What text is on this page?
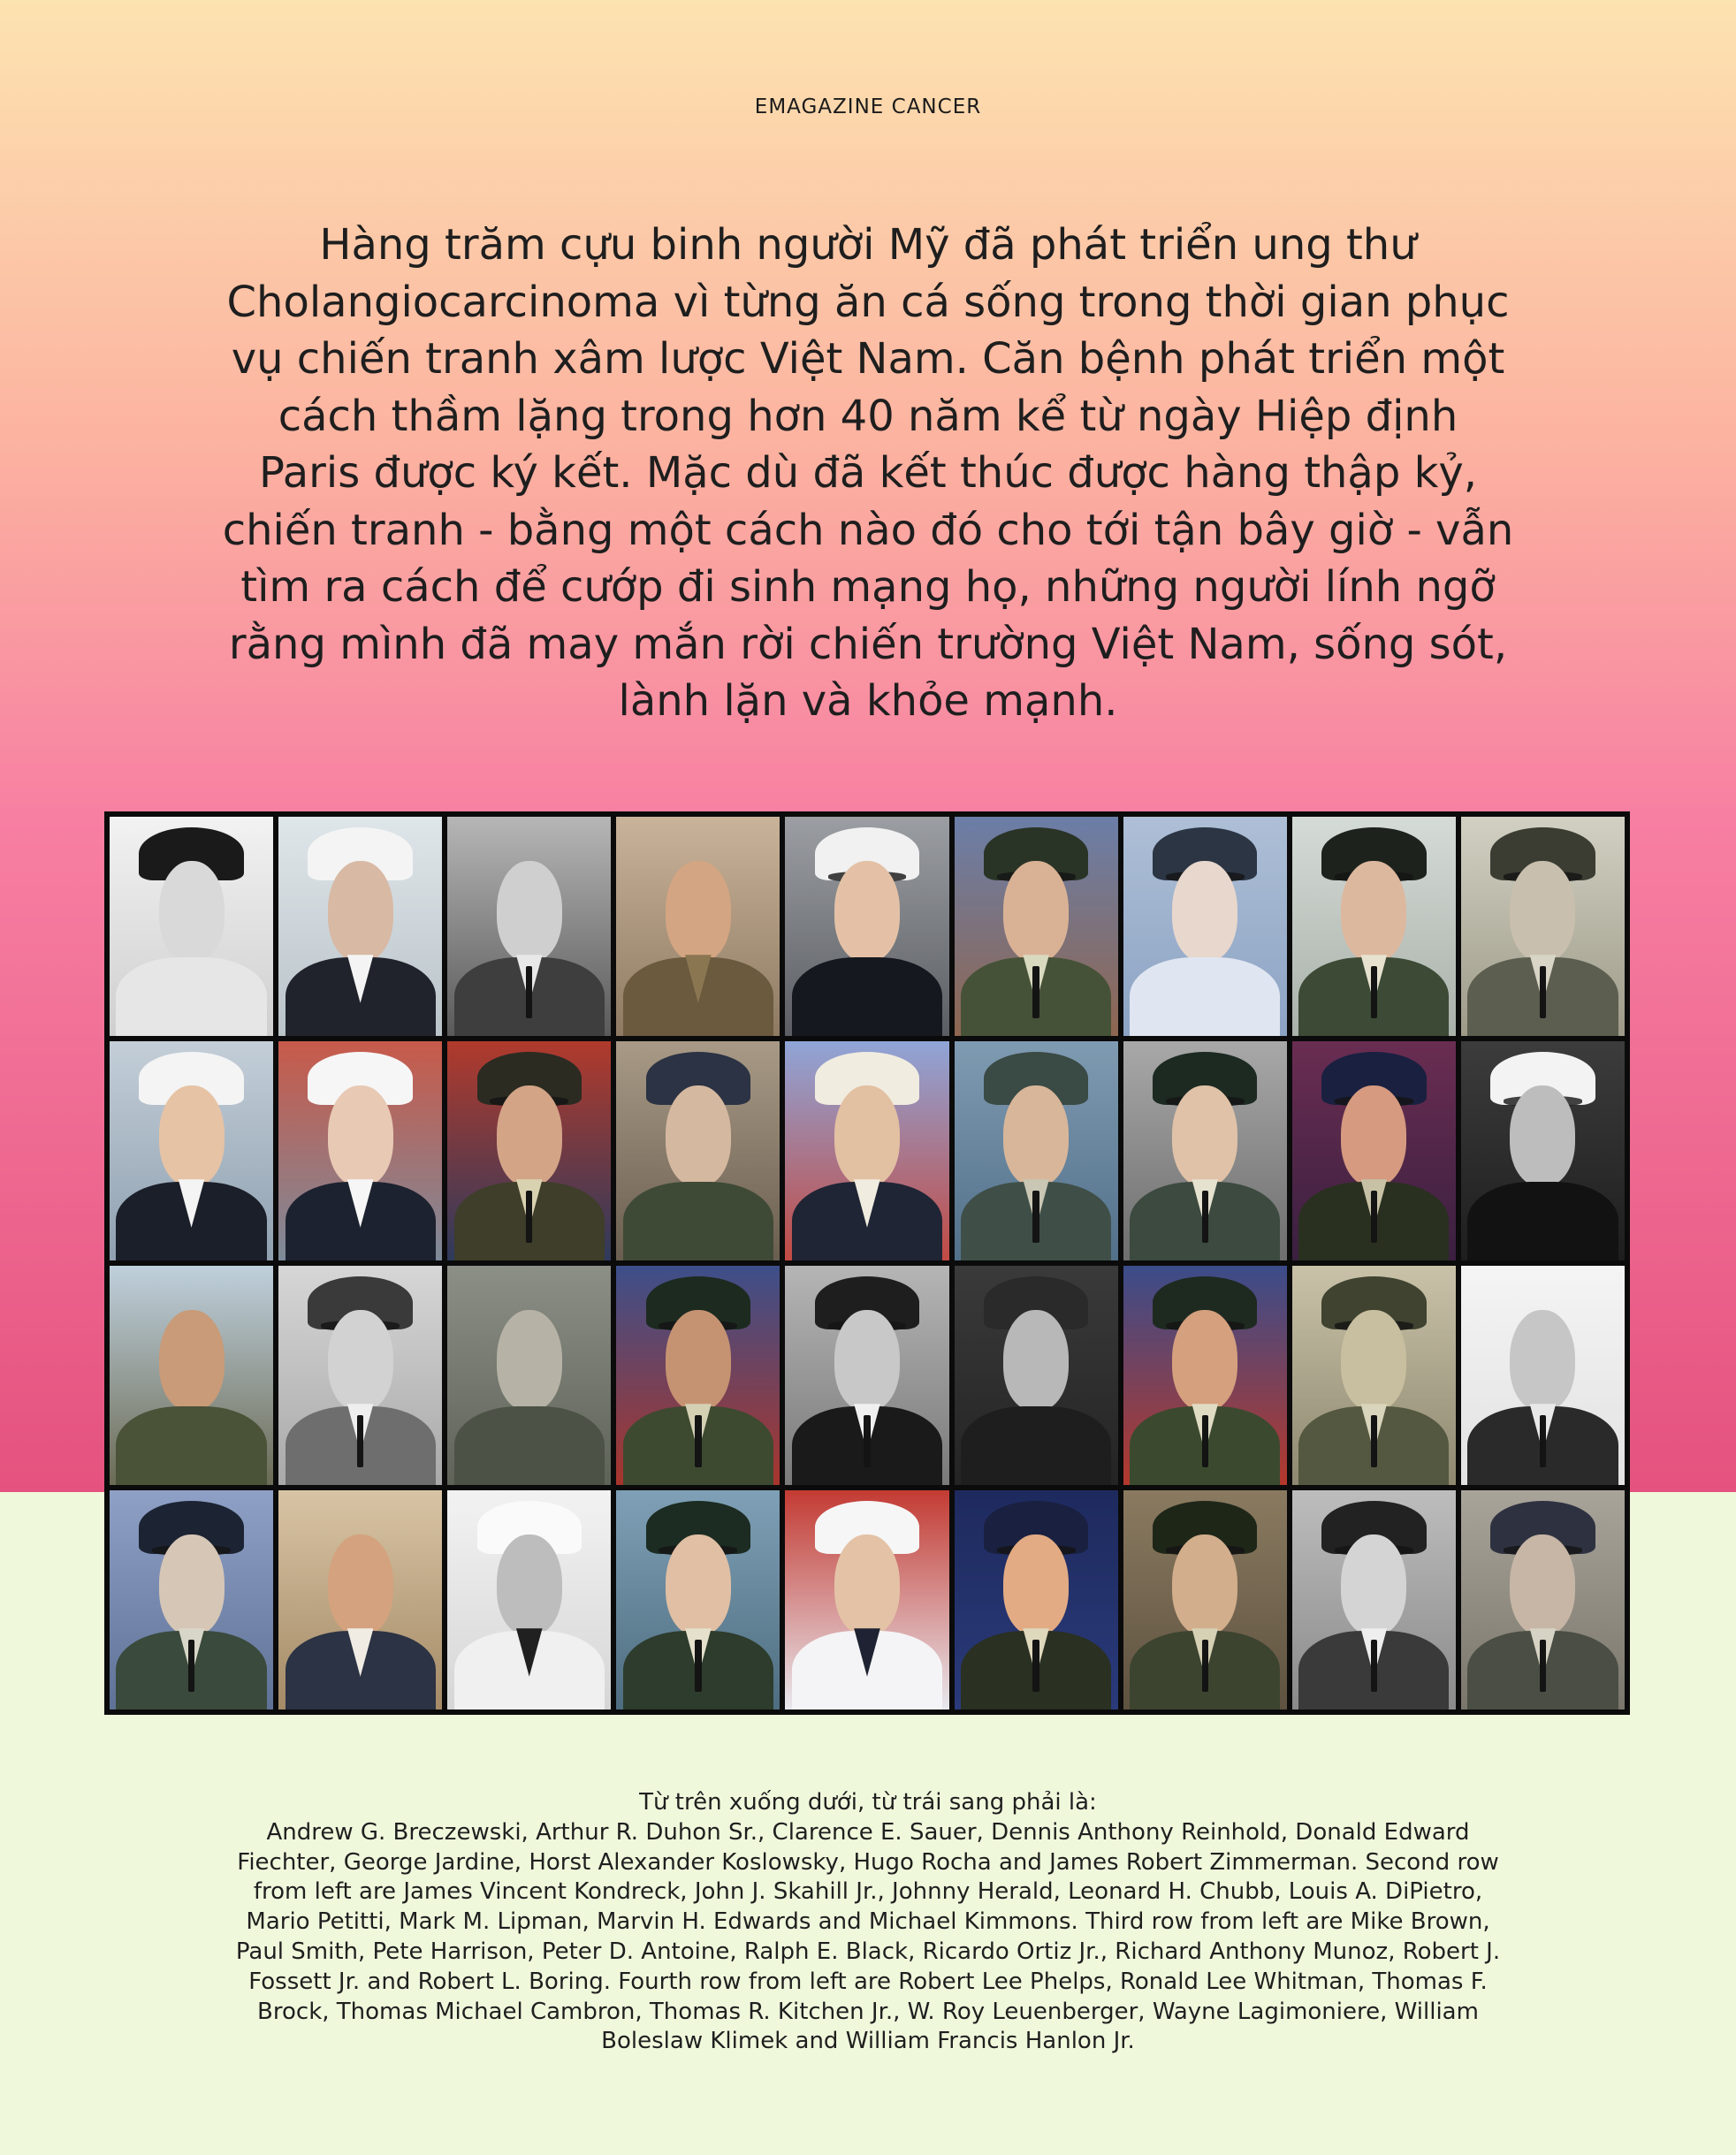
EMAGAZINE CANCER

Hàng trăm cựu binh người Mỹ đã phát triển ung thư Cholangiocarcinoma vì từng ăn cá sống trong thời gian phục vụ chiến tranh xâm lược Việt Nam. Căn bệnh phát triển một cách thầm lặng trong hơn 40 năm kể từ ngày Hiệp định Paris được ký kết. Mặc dù đã kết thúc được hàng thập kỷ, chiến tranh - bằng một cách nào đó cho tới tận bây giờ - vẫn tìm ra cách để cướp đi sinh mạng họ, những người lính ngỡ rằng mình đã may mắn rời chiến trường Việt Nam, sống sót, lành lặn và khỏe mạnh.

Từ trên xuống dưới, từ trái sang phải là:
Andrew G. Breczewski, Arthur R. Duhon Sr., Clarence E. Sauer, Dennis Anthony Reinhold, Donald Edward Fiechter, George Jardine, Horst Alexander Koslowsky, Hugo Rocha and James Robert Zimmerman. Second row from left are James Vincent Kondreck, John J. Skahill Jr., Johnny Herald, Leonard H. Chubb, Louis A. DiPietro, Mario Petitti, Mark M. Lipman, Marvin H. Edwards and Michael Kimmons. Third row from left are Mike Brown, Paul Smith, Pete Harrison, Peter D. Antoine, Ralph E. Black, Ricardo Ortiz Jr., Richard Anthony Munoz, Robert J. Fossett Jr. and Robert L. Boring. Fourth row from left are Robert Lee Phelps, Ronald Lee Whitman, Thomas F. Brock, Thomas Michael Cambron, Thomas R. Kitchen Jr., W. Roy Leuenberger, Wayne Lagimoniere, William Boleslaw Klimek and William Francis Hanlon Jr.
